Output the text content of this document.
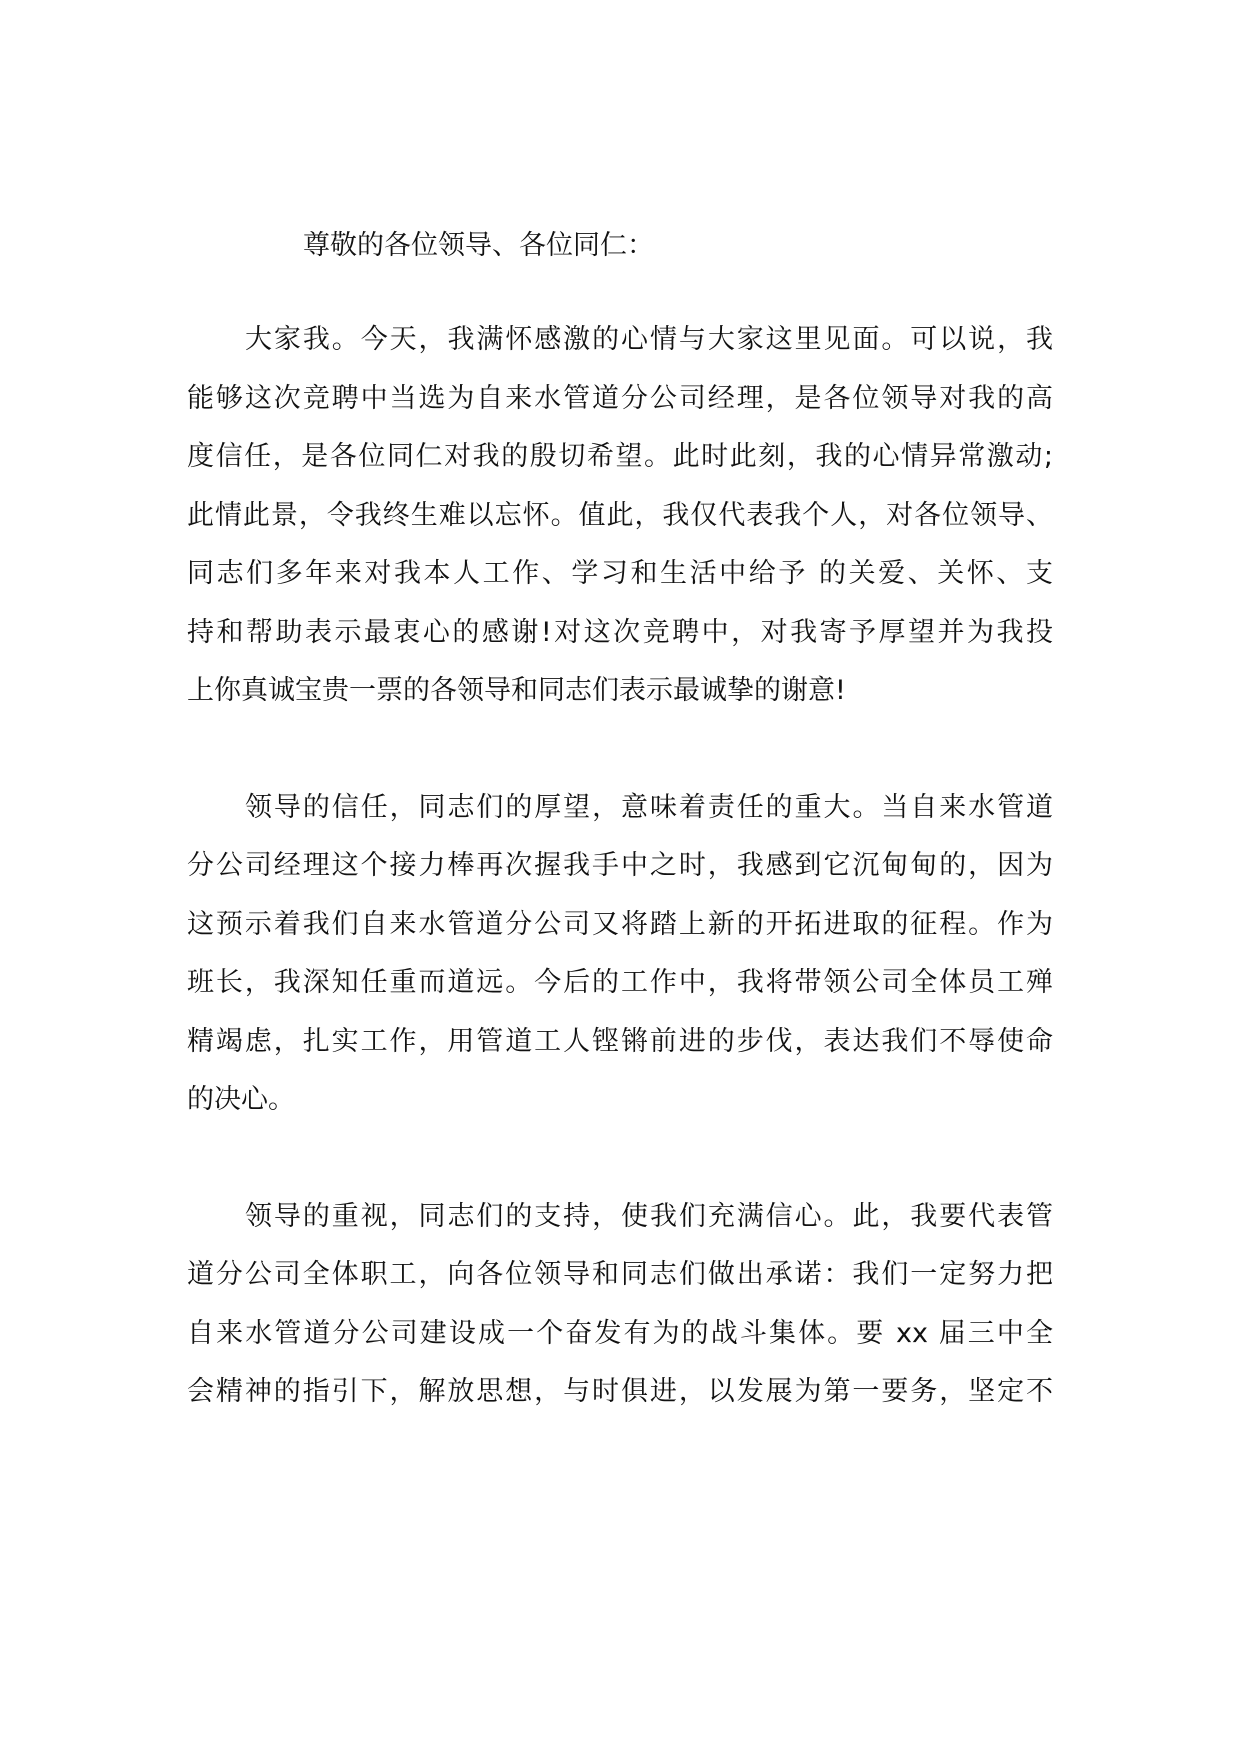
尊敬的各位领导、各位同仁：

大家我。今天，我满怀感激的心情与大家这里见面。可以说，我

能够这次竞聘中当选为自来水管道分公司经理，是各位领导对我的高

度信任，是各位同仁对我的殷切希望。此时此刻，我的心情异常激动;

此情此景，令我终生难以忘怀。值此，我仅代表我个人，对各位领导、

同志们多年来对我本人工作、学习和生活中给予 的关爱、关怀、支

持和帮助表示最衷心的感谢!对这次竞聘中，对我寄予厚望并为我投

上你真诚宝贵一票的各领导和同志们表示最诚挚的谢意!

领导的信任，同志们的厚望，意味着责任的重大。当自来水管道

分公司经理这个接力棒再次握我手中之时，我感到它沉甸甸的，因为

这预示着我们自来水管道分公司又将踏上新的开拓进取的征程。作为

班长，我深知任重而道远。今后的工作中，我将带领公司全体员工殚

精竭虑，扎实工作，用管道工人铿锵前进的步伐，表达我们不辱使命

的决心。

领导的重视，同志们的支持，使我们充满信心。此，我要代表管

道分公司全体职工，向各位领导和同志们做出承诺：我们一定努力把

自来水管道分公司建设成一个奋发有为的战斗集体。要 xx 届三中全

会精神的指引下，解放思想，与时俱进，以发展为第一要务，坚定不
